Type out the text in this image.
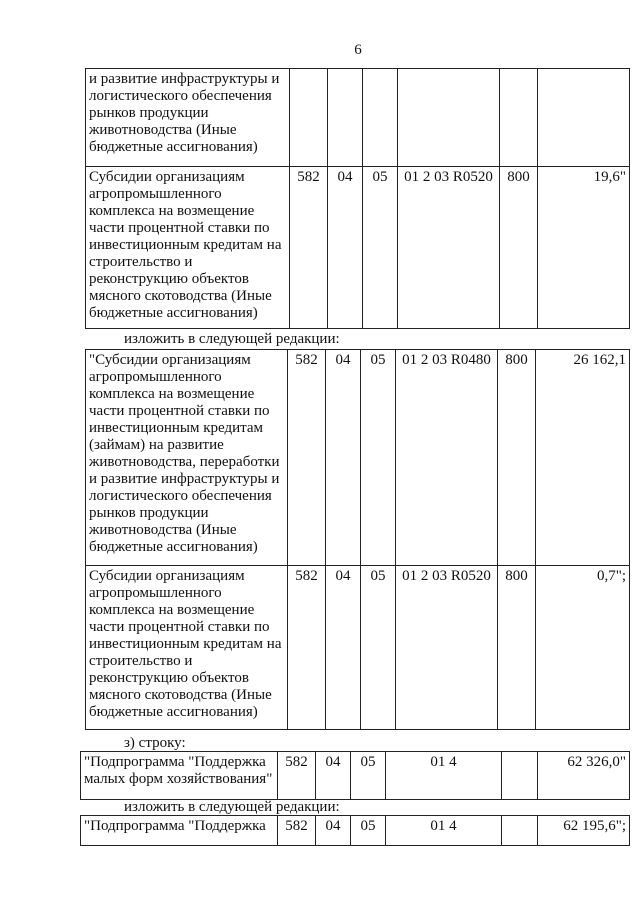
6
и развитие инфраструктуры и логистического обеспечения рынков продукции животноводства (Иные бюджетные ассигнования)						
Субсидии организациям агропромышленного комплекса на возмещение части процентной ставки по инвестиционным кредитам на строительство и реконструкцию объектов мясного скотоводства (Иные бюджетные ассигнования)	582	04	05	01 2 03 R0520	800	19,6"
изложить в следующей редакции:
"Субсидии организациям агропромышленного комплекса на возмещение части процентной ставки по инвестиционным кредитам (займам) на развитие животноводства, переработки и развитие инфраструктуры и логистического обеспечения рынков продукции животноводства (Иные бюджетные ассигнования)	582	04	05	01 2 03 R0480	800	26 162,1
Субсидии организациям агропромышленного комплекса на возмещение части процентной ставки по инвестиционным кредитам на строительство и реконструкцию объектов мясного скотоводства (Иные бюджетные ассигнования)	582	04	05	01 2 03 R0520	800	0,7";
з) строку:
"Подпрограмма "Поддержка малых форм хозяйствования"	582	04	05	01 4		62 326,0"
изложить в следующей редакции:
"Подпрограмма "Поддержка	582	04	05	01 4		62 195,6";
